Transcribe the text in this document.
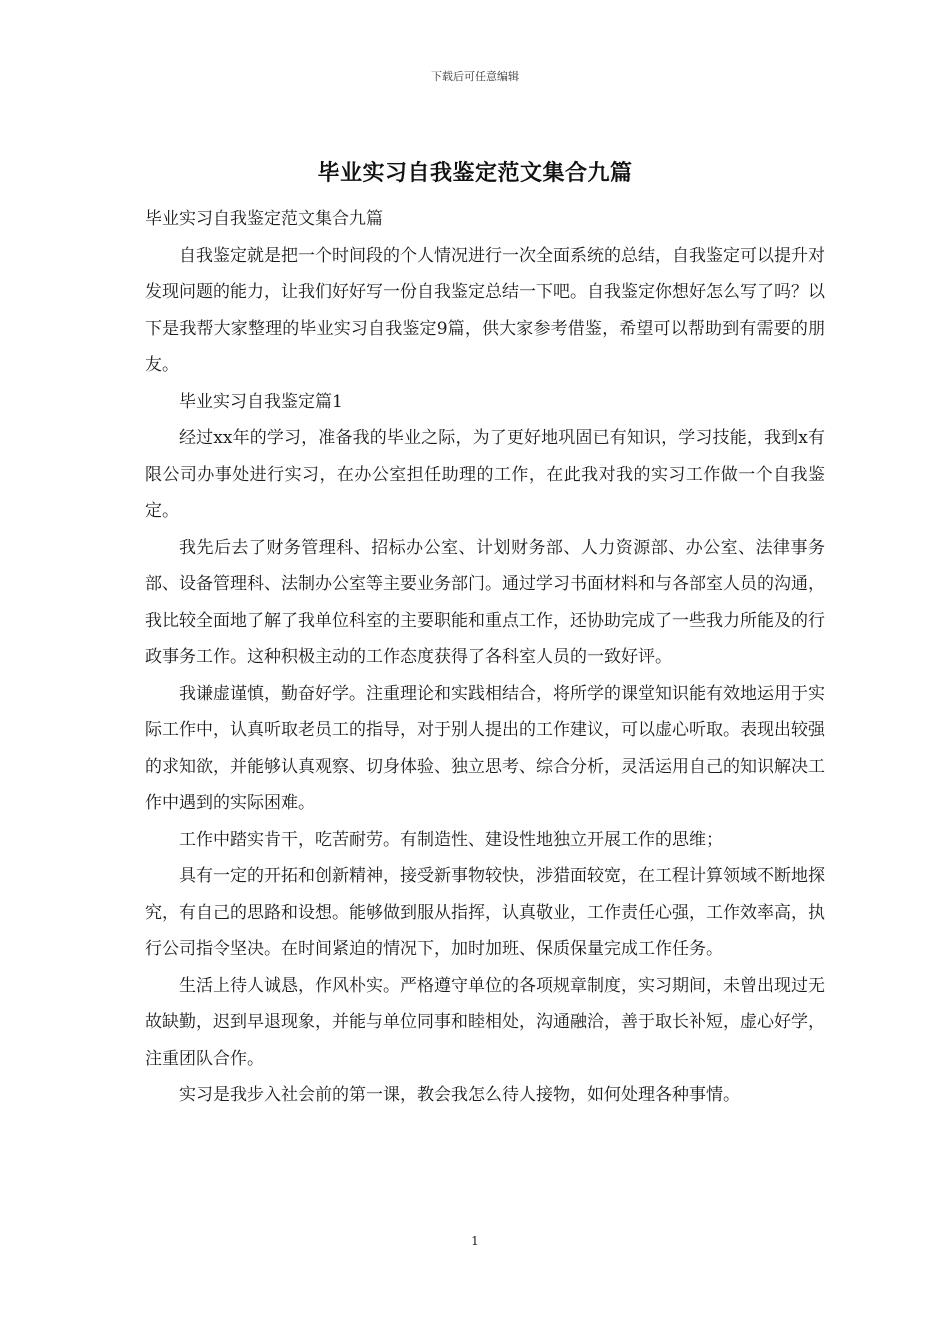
下载后可任意编辑
毕业实习自我鉴定范文集合九篇

毕业实习自我鉴定范文集合九篇

自我鉴定就是把一个时间段的个人情况进行一次全面系统的总结，自我鉴定可以提升对发现问题的能力，让我们好好写一份自我鉴定总结一下吧。自我鉴定你想好怎么写了吗？以下是我帮大家整理的毕业实习自我鉴定9篇，供大家参考借鉴，希望可以帮助到有需要的朋友。

毕业实习自我鉴定篇1

经过xx年的学习，准备我的毕业之际，为了更好地巩固已有知识，学习技能，我到x有限公司办事处进行实习，在办公室担任助理的工作，在此我对我的实习工作做一个自我鉴定。

我先后去了财务管理科、招标办公室、计划财务部、人力资源部、办公室、法律事务部、设备管理科、法制办公室等主要业务部门。通过学习书面材料和与各部室人员的沟通，我比较全面地了解了我单位科室的主要职能和重点工作，还协助完成了一些我力所能及的行政事务工作。这种积极主动的工作态度获得了各科室人员的一致好评。

我谦虚谨慎，勤奋好学。注重理论和实践相结合，将所学的课堂知识能有效地运用于实际工作中，认真听取老员工的指导，对于别人提出的工作建议，可以虚心听取。表现出较强的求知欲，并能够认真观察、切身体验、独立思考、综合分析，灵活运用自己的知识解决工作中遇到的实际困难。

工作中踏实肯干，吃苦耐劳。有制造性、建设性地独立开展工作的思维；

具有一定的开拓和创新精神，接受新事物较快，涉猎面较宽，在工程计算领域不断地探究，有自己的思路和设想。能够做到服从指挥，认真敬业，工作责任心强，工作效率高，执行公司指令坚决。在时间紧迫的情况下，加时加班、保质保量完成工作任务。

生活上待人诚恳，作风朴实。严格遵守单位的各项规章制度，实习期间，未曾出现过无故缺勤，迟到早退现象，并能与单位同事和睦相处，沟通融洽，善于取长补短，虚心好学，注重团队合作。

实习是我步入社会前的第一课，教会我怎么待人接物，如何处理各种事情。

1
